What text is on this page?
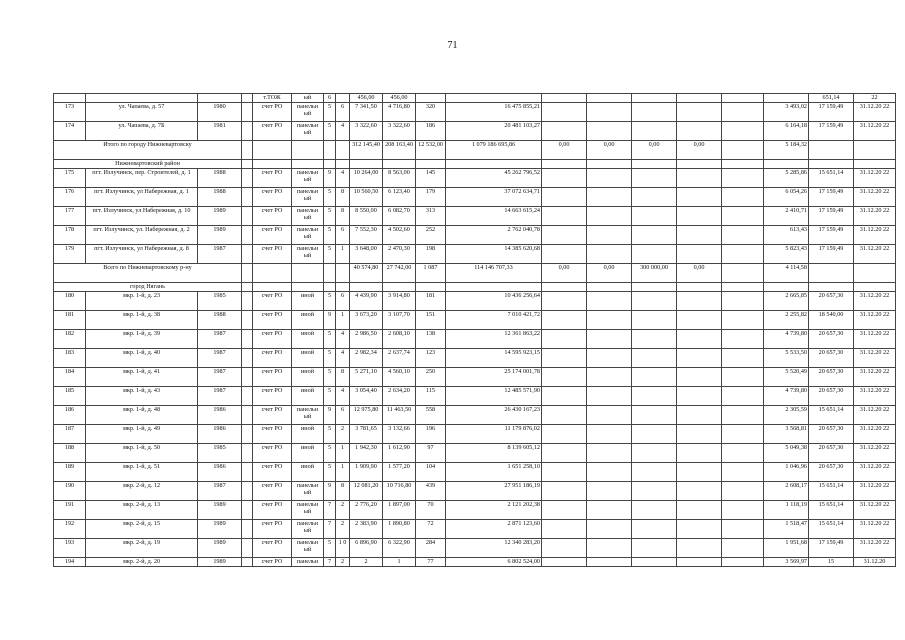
71
				т.ТОЖ	ый	6		456,00	456,00									651,14	22
173	ул. Чапаева, д. 57	1980		счет РО	панельн ый	5	6	7 341,50	4 716,80	320	16 475 855,21						3 493,02	17 159,49	31.12.20 22
174	ул. Чапаева, д. 7Б	1981		счет РО	панельн ый	5	4	3 322,60	3 322,60	186	20 481 103,27						6 164,18	17 159,49	31.12.20 22
Итого по городу Нижневартовску								312 145,40	208 163,40	12 532,00	1 079 186 695,86	0,00	0,00	0,00	0,00		5 184,32		
Нижневартовский район																			
175	пгт. Излучинск, пер. Строителей, д. 1	1988		счет РО	панельн ый	9	4	10 264,00	8 563,00	145	45 262 796,52						5 285,86	15 651,14	31.12.20 22
176	пгт. Излучинск, ул Набережная, д. 1	1988		счет РО	панельн ый	5	8	10 560,50	6 123,40	179	37 072 634,71						6 054,26	17 159,49	31.12.20 22
177	пгт. Излучинск, ул Набережная, д. 10	1989		счет РО	панельн ый	5	8	8 550,00	6 082,70	313	14 663 615,24						2 410,71	17 159,49	31.12.20 22
178	пгт. Излучинск, ул. Набережная, д. 2	1989		счет РО	панельн ый	5	6	7 552,30	4 502,60	252	2 762 040,78						613,43	17 159,49	31.12.20 22
179	пгт. Излучинск, ул Набережная, д. 8	1987		счет РО	панельн ый	5	1	3 648,00	2 470,30	198	14 385 620,68						5 823,43	17 159,49	31.12.20 22
Всего по Нижневартовскому р-ну								40 574,80	27 742,00	1 087	114 146 707,33	0,00	0,00	300 000,00	0,00		4 114,58		
город Нягань																			
180	мкр. 1-й, д. 23	1985		счет РО	иной	5	6	4 439,90	3 914,80	181	10 436 256,64						2 665,85	20 657,30	31.12.20 22
181	мкр. 1-й, д. 38	1988		счет РО	иной	9	1	3 673,20	3 107,70	151	7 010 421,72						2 255,82	18 540,00	31.12.20 22
182	мкр. 1-й, д. 39	1987		счет РО	иной	5	4	2 986,50	2 608,10	138	12 361 863,22						4 739,80	20 657,30	31.12.20 22
183	мкр. 1-й, д. 40	1987		счет РО	иной	5	4	2 982,34	2 637,74	123	14 595 923,15						5 533,50	20 657,30	31.12.20 22
184	мкр. 1-й, д. 41	1987		счет РО	иной	5	8	5 271,10	4 560,10	250	25 174 001,78						5 520,49	20 657,30	31.12.20 22
185	мкр. 1-й, д. 43	1987		счет РО	иной	5	4	3 054,40	2 634,20	115	12 485 571,90						4 739,80	20 657,30	31.12.20 22
186	мкр. 1-й, д. 48	1986		счет РО	панельн ый	9	6	12 975,80	11 463,50	558	26 430 167,23						2 305,59	15 651,14	31.12.20 22
187	мкр. 1-й, д. 49	1986		счет РО	иной	5	2	3 781,65	3 132,66	196	11 179 876,02						3 568,81	20 657,30	31.12.20 22
188	мкр. 1-й, д. 50	1985		счет РО	иной	5	1	1 942,30	1 612,90	97	8 139 605,12						5 049,38	20 657,30	31.12.20 22
189	мкр. 1-й, д. 51	1986		счет РО	иной	5	1	1 909,90	1 577,20	104	1 651 258,10						1 046,96	20 657,30	31.12.20 22
190	мкр. 2-й, д. 12	1987		счет РО	панельн ый	9	8	12 081,20	10 716,80	439	27 951 186,19						2 608,17	15 651,14	31.12.20 22
191	мкр. 2-й, д. 13	1989		счет РО	панельн ый	7	2	2 776,20	1 897,00	70	2 121 202,38						1 118,19	15 651,14	31.12.20 22
192	мкр. 2-й, д. 15	1989		счет РО	панельн ый	7	2	2 383,90	1 890,80	72	2 871 123,60						1 518,47	15 651,14	31.12.20 22
193	мкр. 2-й, д. 19	1989		счет РО	панельн ый	5	1 0	6 896,90	6 322,90	284	12 340 283,20						1 951,68	17 159,49	31.12.20 22
194	мкр. 2-й, д. 20	1989		счет РО	панельн	7	2	2	1	77	6 802 524,00						3 569,97	15	31.12.20
